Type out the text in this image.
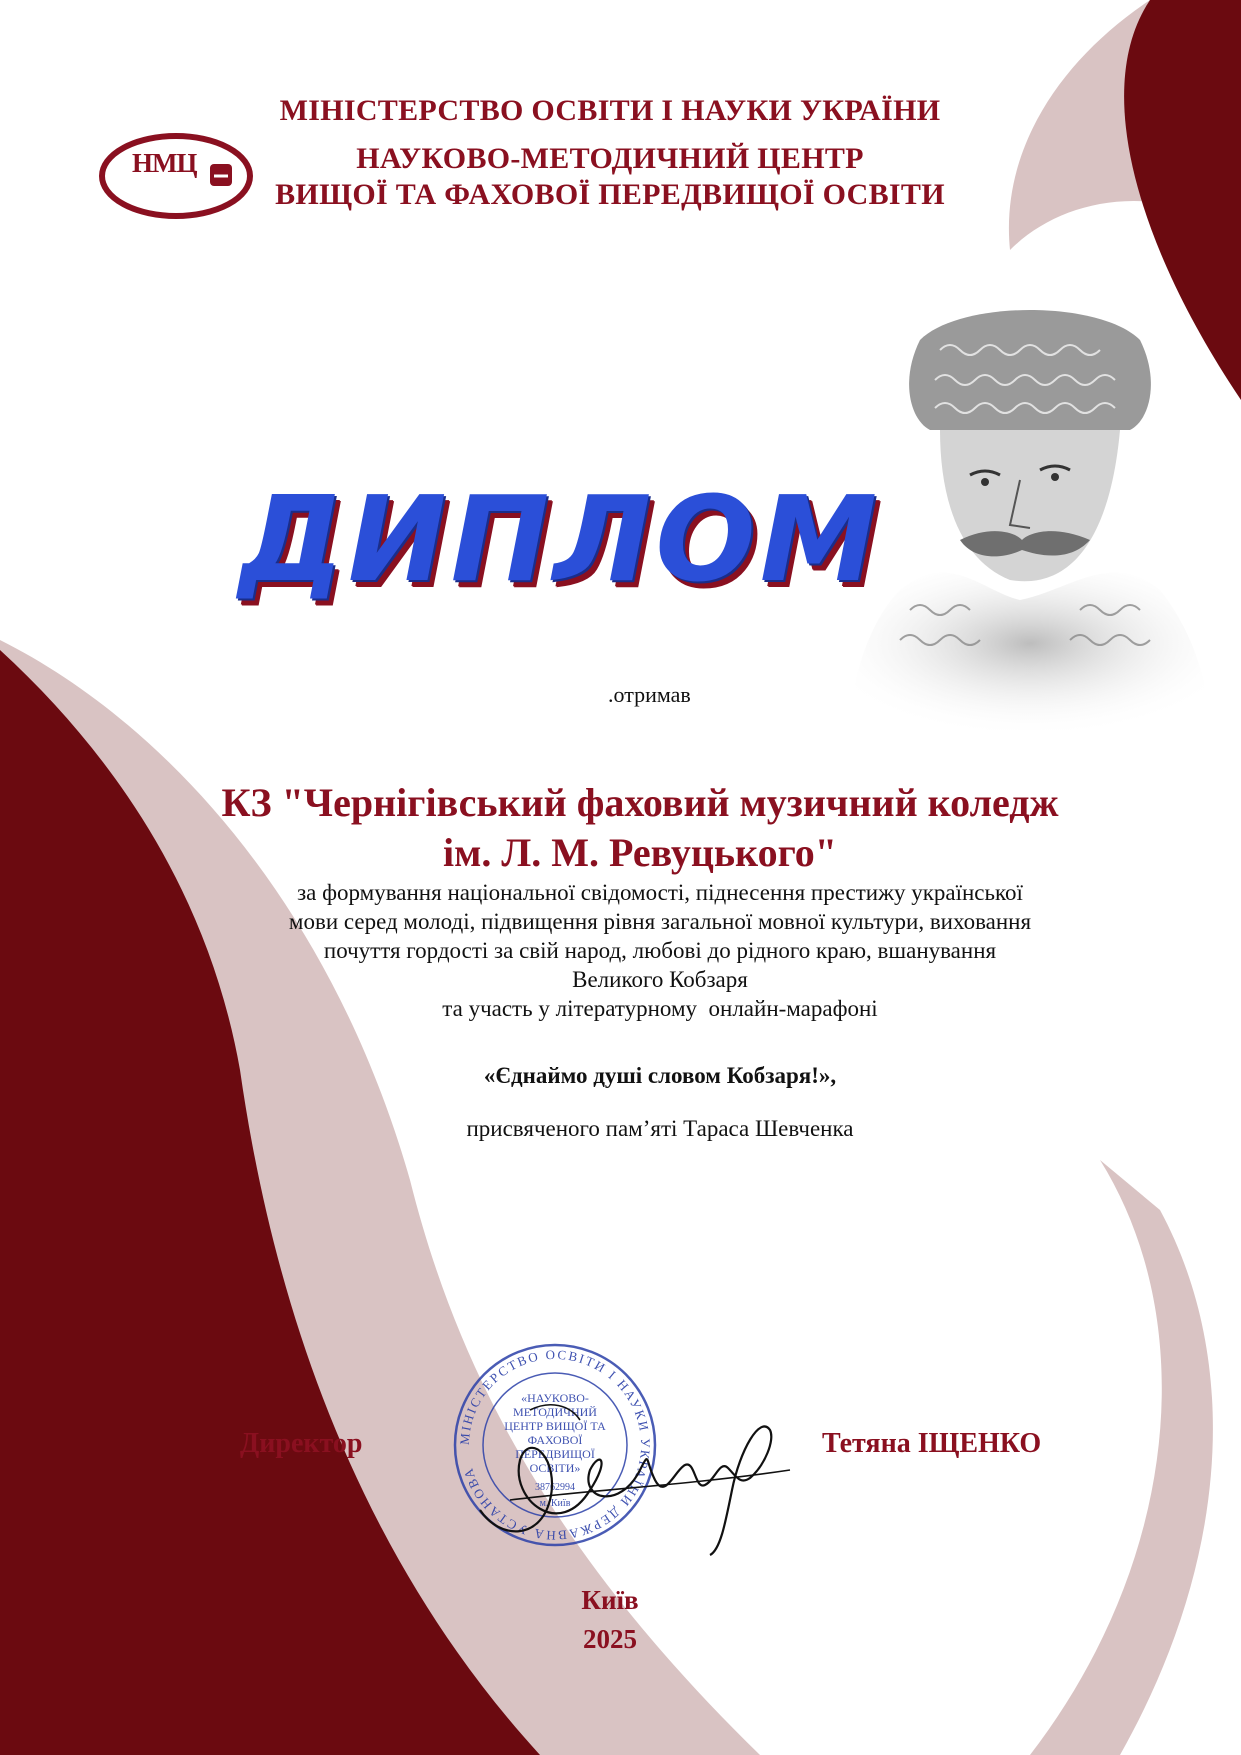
МІНІСТЕРСТВО ОСВІТИ І НАУКИ УКРАЇНИ
НАУКОВО-МЕТОДИЧНИЙ ЦЕНТР
ВИЩОЇ ТА ФАХОВОЇ ПЕРЕДВИЩОЇ ОСВІТИ
НМЦ
ДИПЛОМ
.отримав
КЗ "Чернігівський фаховий музичний коледж
ім. Л. М. Ревуцького"
за формування національної свідомості, піднесення престижу української
мови серед молоді, підвищення рівня загальної мовної культури, виховання
почуття гордості за свій народ, любові до рідного краю, вшанування
Великого Кобзаря
та участь у літературному  онлайн-марафоні
«Єднаймо душі словом Кобзаря!»,
присвяченого пам’яті Тараса Шевченка
Директор	Тетяна ІЩЕНКО
МІНІСТЕРСТВО ОСВІТИ І НАУКИ УКРАЇНИ ДЕРЖАВНА УСТАНОВА
«НАУКОВО-
МЕТОДИЧНИЙ
ЦЕНТР ВИЩОЇ ТА
ФАХОВОЇ
ПЕРЕДВИЩОЇ
ОСВІТИ»
38762994
м. Київ
Київ
2025
